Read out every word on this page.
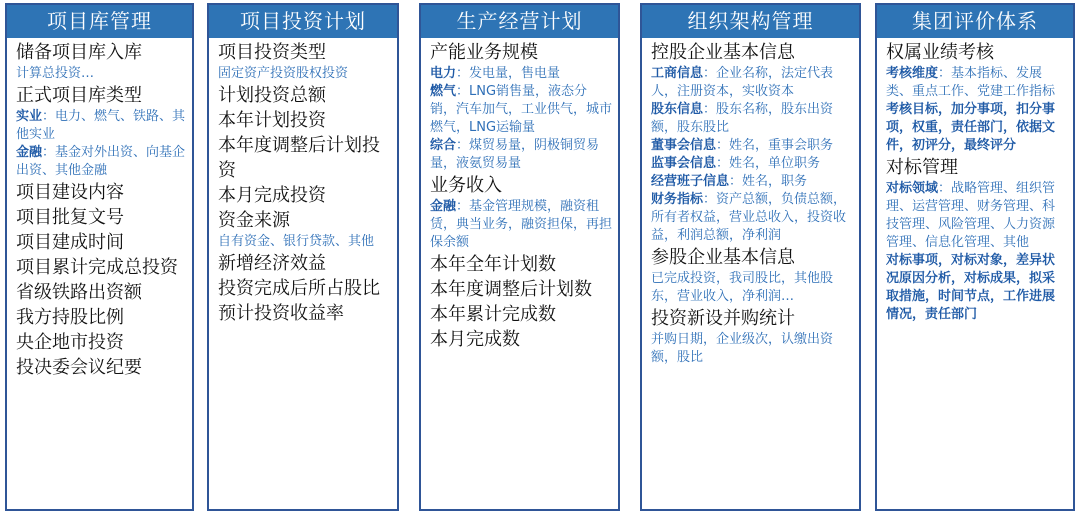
项目库管理
储备项目库入库
计算总投资…
正式项目库类型
实业：电力、燃气、铁路、其他实业
金融：基金对外出资、向基企出资、其他金融
项目建设内容
项目批复文号
项目建成时间
项目累计完成总投资
省级铁路出资额
我方持股比例
央企地市投资
投决委会议纪要
项目投资计划
项目投资类型
固定资产投资股权投资
计划投资总额
本年计划投资
本年度调整后计划投资
本月完成投资
资金来源
自有资金、银行贷款、其他
新增经济效益
投资完成后所占股比
预计投资收益率
生产经营计划
产能业务规模
电力：发电量，售电量
燃气：LNG销售量，液态分销，汽车加气，工业供气，城市燃气，LNG运输量
综合：煤贸易量，阴极铜贸易量，液氨贸易量
业务收入
金融：基金管理规模，融资租赁，典当业务，融资担保，再担保余额
本年全年计划数
本年度调整后计划数
本年累计完成数
本月完成数
组织架构管理
控股企业基本信息
工商信息：企业名称，法定代表人，注册资本，实收资本
股东信息：股东名称，股东出资额，股东股比
董事会信息：姓名，重事会职务
监事会信息：姓名，单位职务
经营班子信息：姓名，职务
财务指标：资产总额，负债总额，所有者权益，营业总收入，投资收益，利润总额，净利润
参股企业基本信息
已完成投资，我司股比，其他股东，营业收入，净利润…
投资新设并购统计
并购日期，企业级次，认缴出资额，股比
集团评价体系
权属业绩考核
考核维度：基本指标、发展类、重点工作、党建工作指标
考核目标，加分事项，扣分事项，权重，责任部门，依据文件，初评分，最终评分
对标管理
对标领域：战略管理、组织管理、运营管理、财务管理、科技管理、风险管理、人力资源管理、信息化管理、其他
对标事项，对标对象，差异状况原因分析，对标成果，拟采取措施，时间节点，工作进展情况，责任部门
